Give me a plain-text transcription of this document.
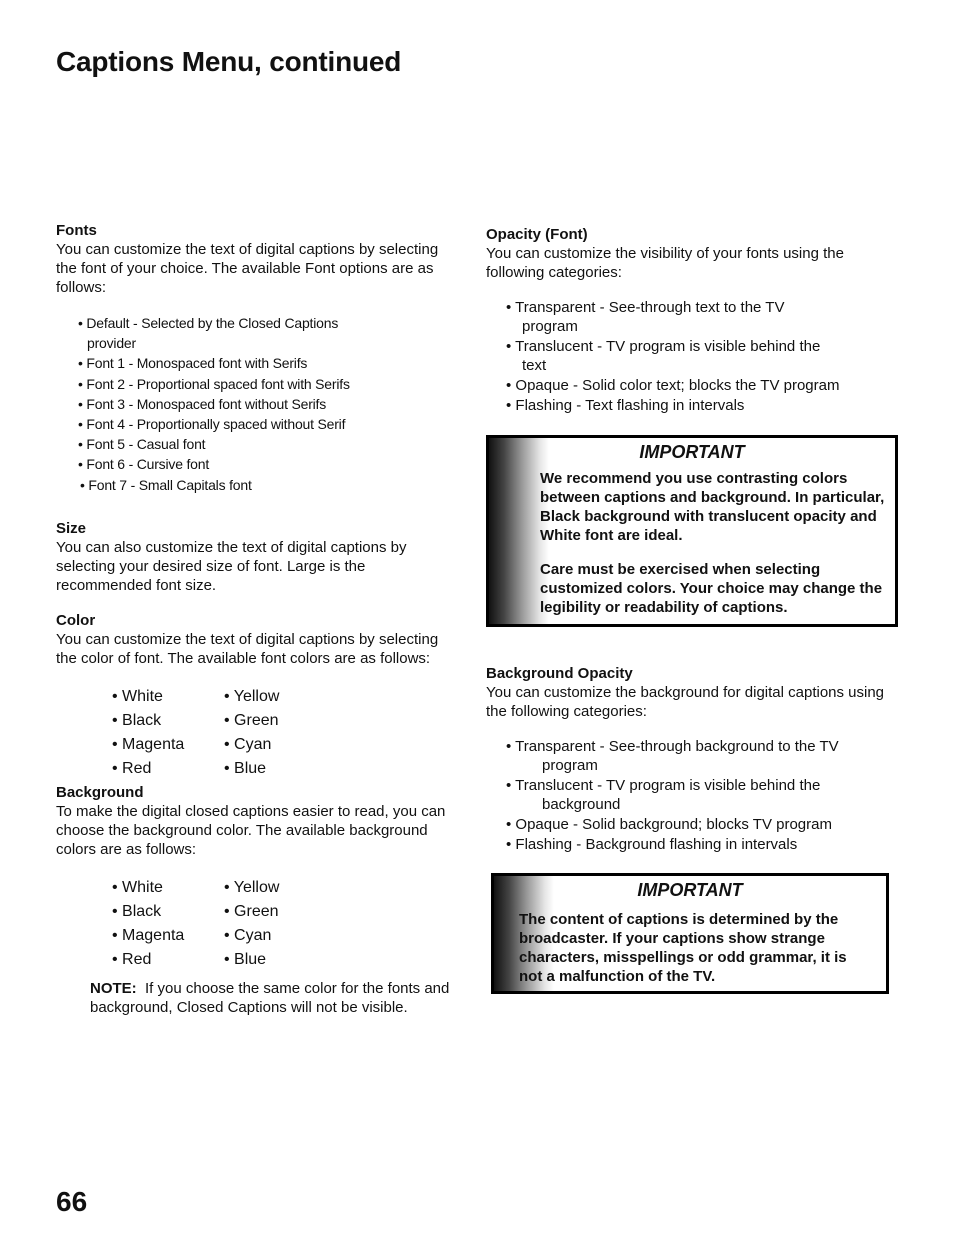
Captions Menu, continued
Fonts

You can customize the text of digital captions by selecting the font of your choice. The available Font options are as follows:

• Default - Selected by the Closed Captions
provider
• Font 1 - Monospaced font with Serifs
• Font 2 - Proportional spaced font with Serifs
• Font 3 - Monospaced font without Serifs
• Font 4 - Proportionally spaced without Serif
• Font 5 - Casual font
• Font 6 - Cursive font
• Font 7 - Small Capitals font
Size

You can also customize the text of digital captions by selecting your desired size of font. Large is the recommended font size.

Color

You can customize the text of digital captions by selecting the color of font. The available font colors are as follows:

• White	• Yellow
• Black	• Green
• Magenta	• Cyan
• Red	• Blue
Background

To make the digital closed captions easier to read, you can choose the background color. The available background colors are as follows:

• White	• Yellow
• Black	• Green
• Magenta	• Cyan
• Red	• Blue

NOTE: If you choose the same color for the fonts and background, Closed Captions will not be visible.

Opacity (Font)

You can customize the visibility of your fonts using the following categories:

• Transparent - See-through text to the TV
program
• Translucent - TV program is visible behind the
text
• Opaque - Solid color text; blocks the TV program
• Flashing - Text flashing in intervals
IMPORTANT

We recommend you use contrasting colors between captions and background. In particular, Black background with translucent opacity and White font are ideal.

Care must be exercised when selecting customized colors. Your choice may change the legibility or readability of captions.

Background Opacity

You can customize the background for digital captions using the following categories:

• Transparent - See-through background to the TV
program
• Translucent - TV program is visible behind the
background
• Opaque - Solid background; blocks TV program
• Flashing - Background flashing in intervals
IMPORTANT

The content of captions is determined by the broadcaster. If your captions show strange characters, misspellings or odd grammar, it is not a malfunction of the TV.

66
